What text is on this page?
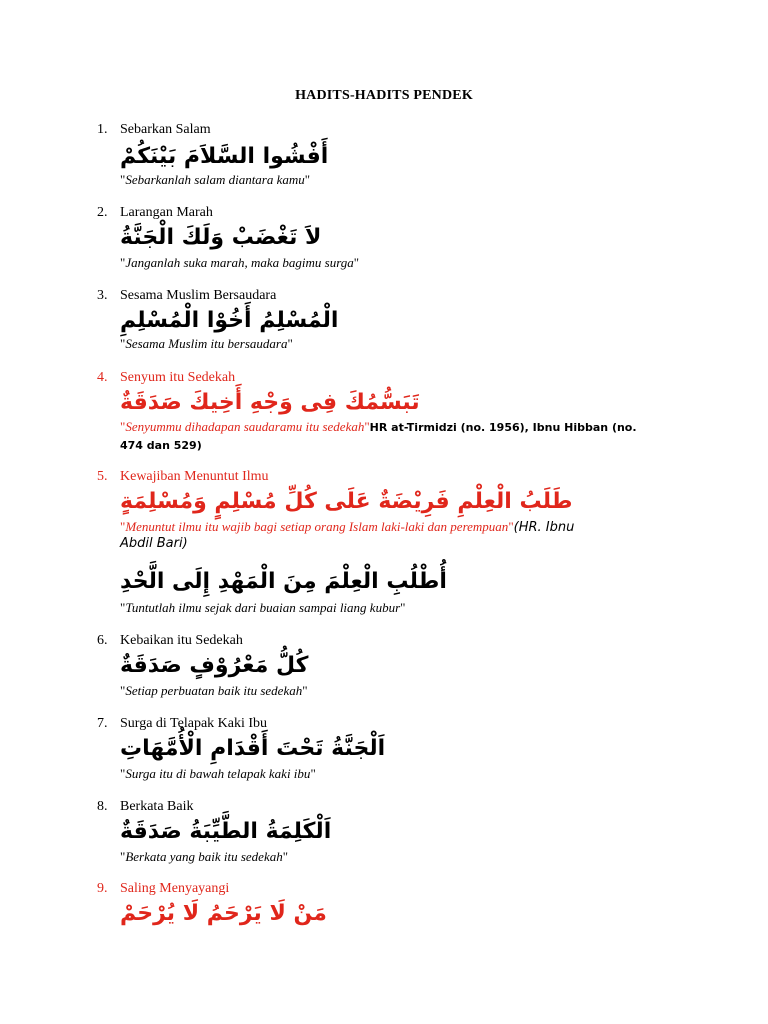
HADITS-HADITS PENDEK
1. Sebarkan Salam
أَفْشُوا السَّلاَمَ بَيْنَكُمْ
"Sebarkanlah salam diantara kamu"
2. Larangan Marah
لاَ تَغْضَبْ وَلَكَ الْجَنَّةُ
"Janganlah suka marah, maka bagimu surga"
3. Sesama Muslim Bersaudara
الْمُسْلِمُ أَخُوْا الْمُسْلِمِ
"Sesama Muslim itu bersaudara"
4. Senyum itu Sedekah
تَبَسُّمُكَ فِى وَجْهِ أَخِيكَ صَدَقَةٌ
"Senyummu dihadapan saudaramu itu sedekah"HR at-Tirmidzi (no. 1956), Ibnu Hibban (no.
474 dan 529)
5. Kewajiban Menuntut Ilmu
طَلَبُ الْعِلْمِ فَرِيْضَةٌ عَلَى كُلِّ مُسْلِمٍ وَمُسْلِمَةٍ
"Menuntut ilmu itu wajib bagi setiap orang Islam laki-laki dan perempuan"(HR. Ibnu
Abdil Bari)
أُطْلُبِ الْعِلْمَ مِنَ الْمَهْدِ إِلَى الَّحْدِ
"Tuntutlah ilmu sejak dari buaian sampai liang kubur"
6. Kebaikan itu Sedekah
كُلُّ مَعْرُوْفٍ صَدَقَةٌ
"Setiap perbuatan baik itu sedekah"
7. Surga di Telapak Kaki Ibu
اَلْجَنَّةُ تَحْتَ أَقْدَامِ الْأُمَّهَاتِ
"Surga itu di bawah telapak kaki ibu"
8. Berkata Baik
اَلْكَلِمَةُ الطَّيِّبَةُ صَدَقَةٌ
"Berkata yang baik itu sedekah"
9. Saling Menyayangi
مَنْ لَا يَرْحَمُ لَا يُرْحَمْ
